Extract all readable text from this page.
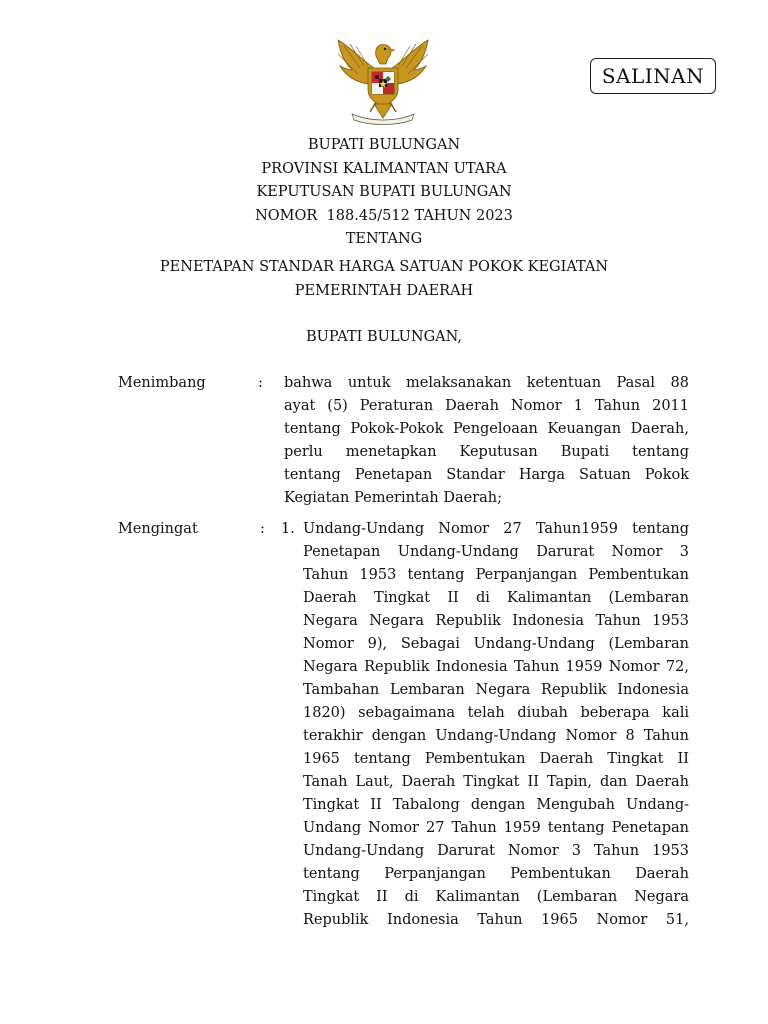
SALINAN
BUPATI BULUNGAN
PROVINSI KALIMANTAN UTARA
KEPUTUSAN BUPATI BULUNGAN
NOMOR  188.45/512 TAHUN 2023
TENTANG
PENETAPAN STANDAR HARGA SATUAN POKOK KEGIATAN
PEMERINTAH DAERAH
BUPATI BULUNGAN,
Menimbang	: bahwa untuk melaksanakan ketentuan Pasal 88
ayat (5) Peraturan Daerah Nomor 1 Tahun 2011
tentang Pokok-Pokok Pengeloaan Keuangan Daerah,
perlu menetapkan Keputusan Bupati tentang
tentang Penetapan Standar Harga Satuan Pokok
Kegiatan Pemerintah Daerah;
Mengingat	: 1. Undang-Undang Nomor 27 Tahun1959 tentang
Penetapan Undang-Undang Darurat Nomor 3
Tahun 1953 tentang Perpanjangan Pembentukan
Daerah Tingkat II di Kalimantan (Lembaran
Negara Negara Republik Indonesia Tahun 1953
Nomor 9), Sebagai Undang-Undang (Lembaran
Negara Republik Indonesia Tahun 1959 Nomor 72,
Tambahan Lembaran Negara Republik Indonesia
1820) sebagaimana telah diubah beberapa kali
terakhir dengan Undang-Undang Nomor 8 Tahun
1965 tentang Pembentukan Daerah Tingkat II
Tanah Laut, Daerah Tingkat II Tapin, dan Daerah
Tingkat II Tabalong dengan Mengubah Undang-
Undang Nomor 27 Tahun 1959 tentang Penetapan
Undang-Undang Darurat Nomor 3 Tahun 1953
tentang Perpanjangan Pembentukan Daerah
Tingkat II di Kalimantan (Lembaran Negara
Republik Indonesia Tahun 1965 Nomor 51,
